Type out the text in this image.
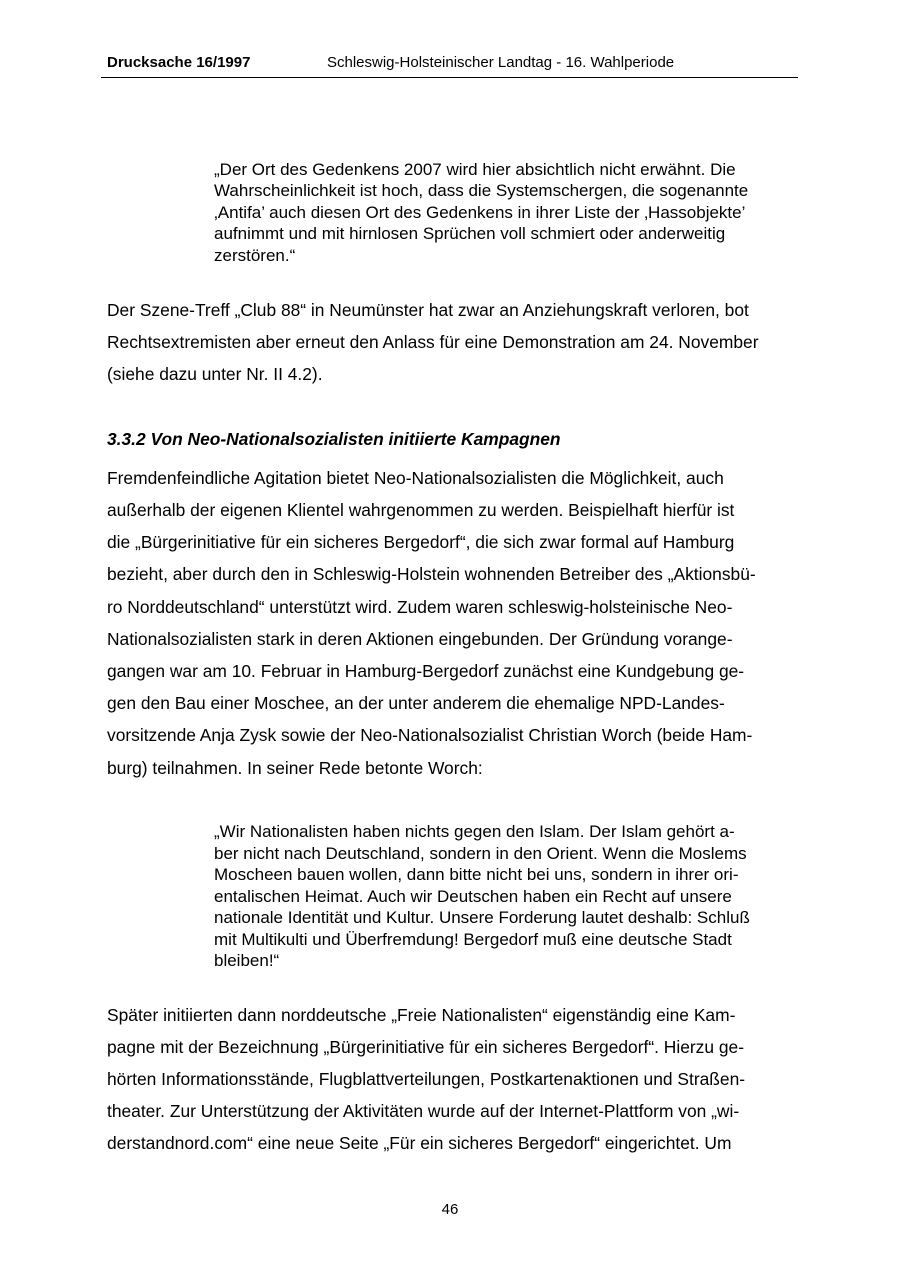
Drucksache 16/1997	Schleswig-Holsteinischer Landtag - 16. Wahlperiode
„Der Ort des Gedenkens 2007 wird hier absichtlich nicht erwähnt. Die
Wahrscheinlichkeit ist hoch, dass die Systemschergen, die sogenannte
‚Antifa’ auch diesen Ort des Gedenkens in ihrer Liste der ‚Hassobjekte’
aufnimmt und mit hirnlosen Sprüchen voll schmiert oder anderweitig
zerstören.“
Der Szene-Treff „Club 88“ in Neumünster hat zwar an Anziehungskraft verloren, bot
Rechtsextremisten aber erneut den Anlass für eine Demonstration am 24. November
(siehe dazu unter Nr. II 4.2).
3.3.2 Von Neo-Nationalsozialisten initiierte Kampagnen
Fremdenfeindliche Agitation bietet Neo-Nationalsozialisten die Möglichkeit, auch
außerhalb der eigenen Klientel wahrgenommen zu werden. Beispielhaft hierfür ist
die „Bürgerinitiative für ein sicheres Bergedorf“, die sich zwar formal auf Hamburg
bezieht, aber durch den in Schleswig-Holstein wohnenden Betreiber des „Aktionsbü-
ro Norddeutschland“ unterstützt wird. Zudem waren schleswig-holsteinische Neo-
Nationalsozialisten stark in deren Aktionen eingebunden. Der Gründung vorange-
gangen war am 10. Februar in Hamburg-Bergedorf zunächst eine Kundgebung ge-
gen den Bau einer Moschee, an der unter anderem die ehemalige NPD-Landes-
vorsitzende Anja Zysk sowie der Neo-Nationalsozialist Christian Worch (beide Ham-
burg) teilnahmen. In seiner Rede betonte Worch:
„Wir Nationalisten haben nichts gegen den Islam. Der Islam gehört a-
ber nicht nach Deutschland, sondern in den Orient. Wenn die Moslems
Moscheen bauen wollen, dann bitte nicht bei uns, sondern in ihrer ori-
entalischen Heimat. Auch wir Deutschen haben ein Recht auf unsere
nationale Identität und Kultur. Unsere Forderung lautet deshalb: Schluß
mit Multikulti und Überfremdung! Bergedorf muß eine deutsche Stadt
bleiben!“
Später initiierten dann norddeutsche „Freie Nationalisten“ eigenständig eine Kam-
pagne mit der Bezeichnung „Bürgerinitiative für ein sicheres Bergedorf“. Hierzu ge-
hörten Informationsstände, Flugblattverteilungen, Postkartenaktionen und Straßen-
theater. Zur Unterstützung der Aktivitäten wurde auf der Internet-Plattform von „wi-
derstandnord.com“ eine neue Seite „Für ein sicheres Bergedorf“ eingerichtet. Um
46
